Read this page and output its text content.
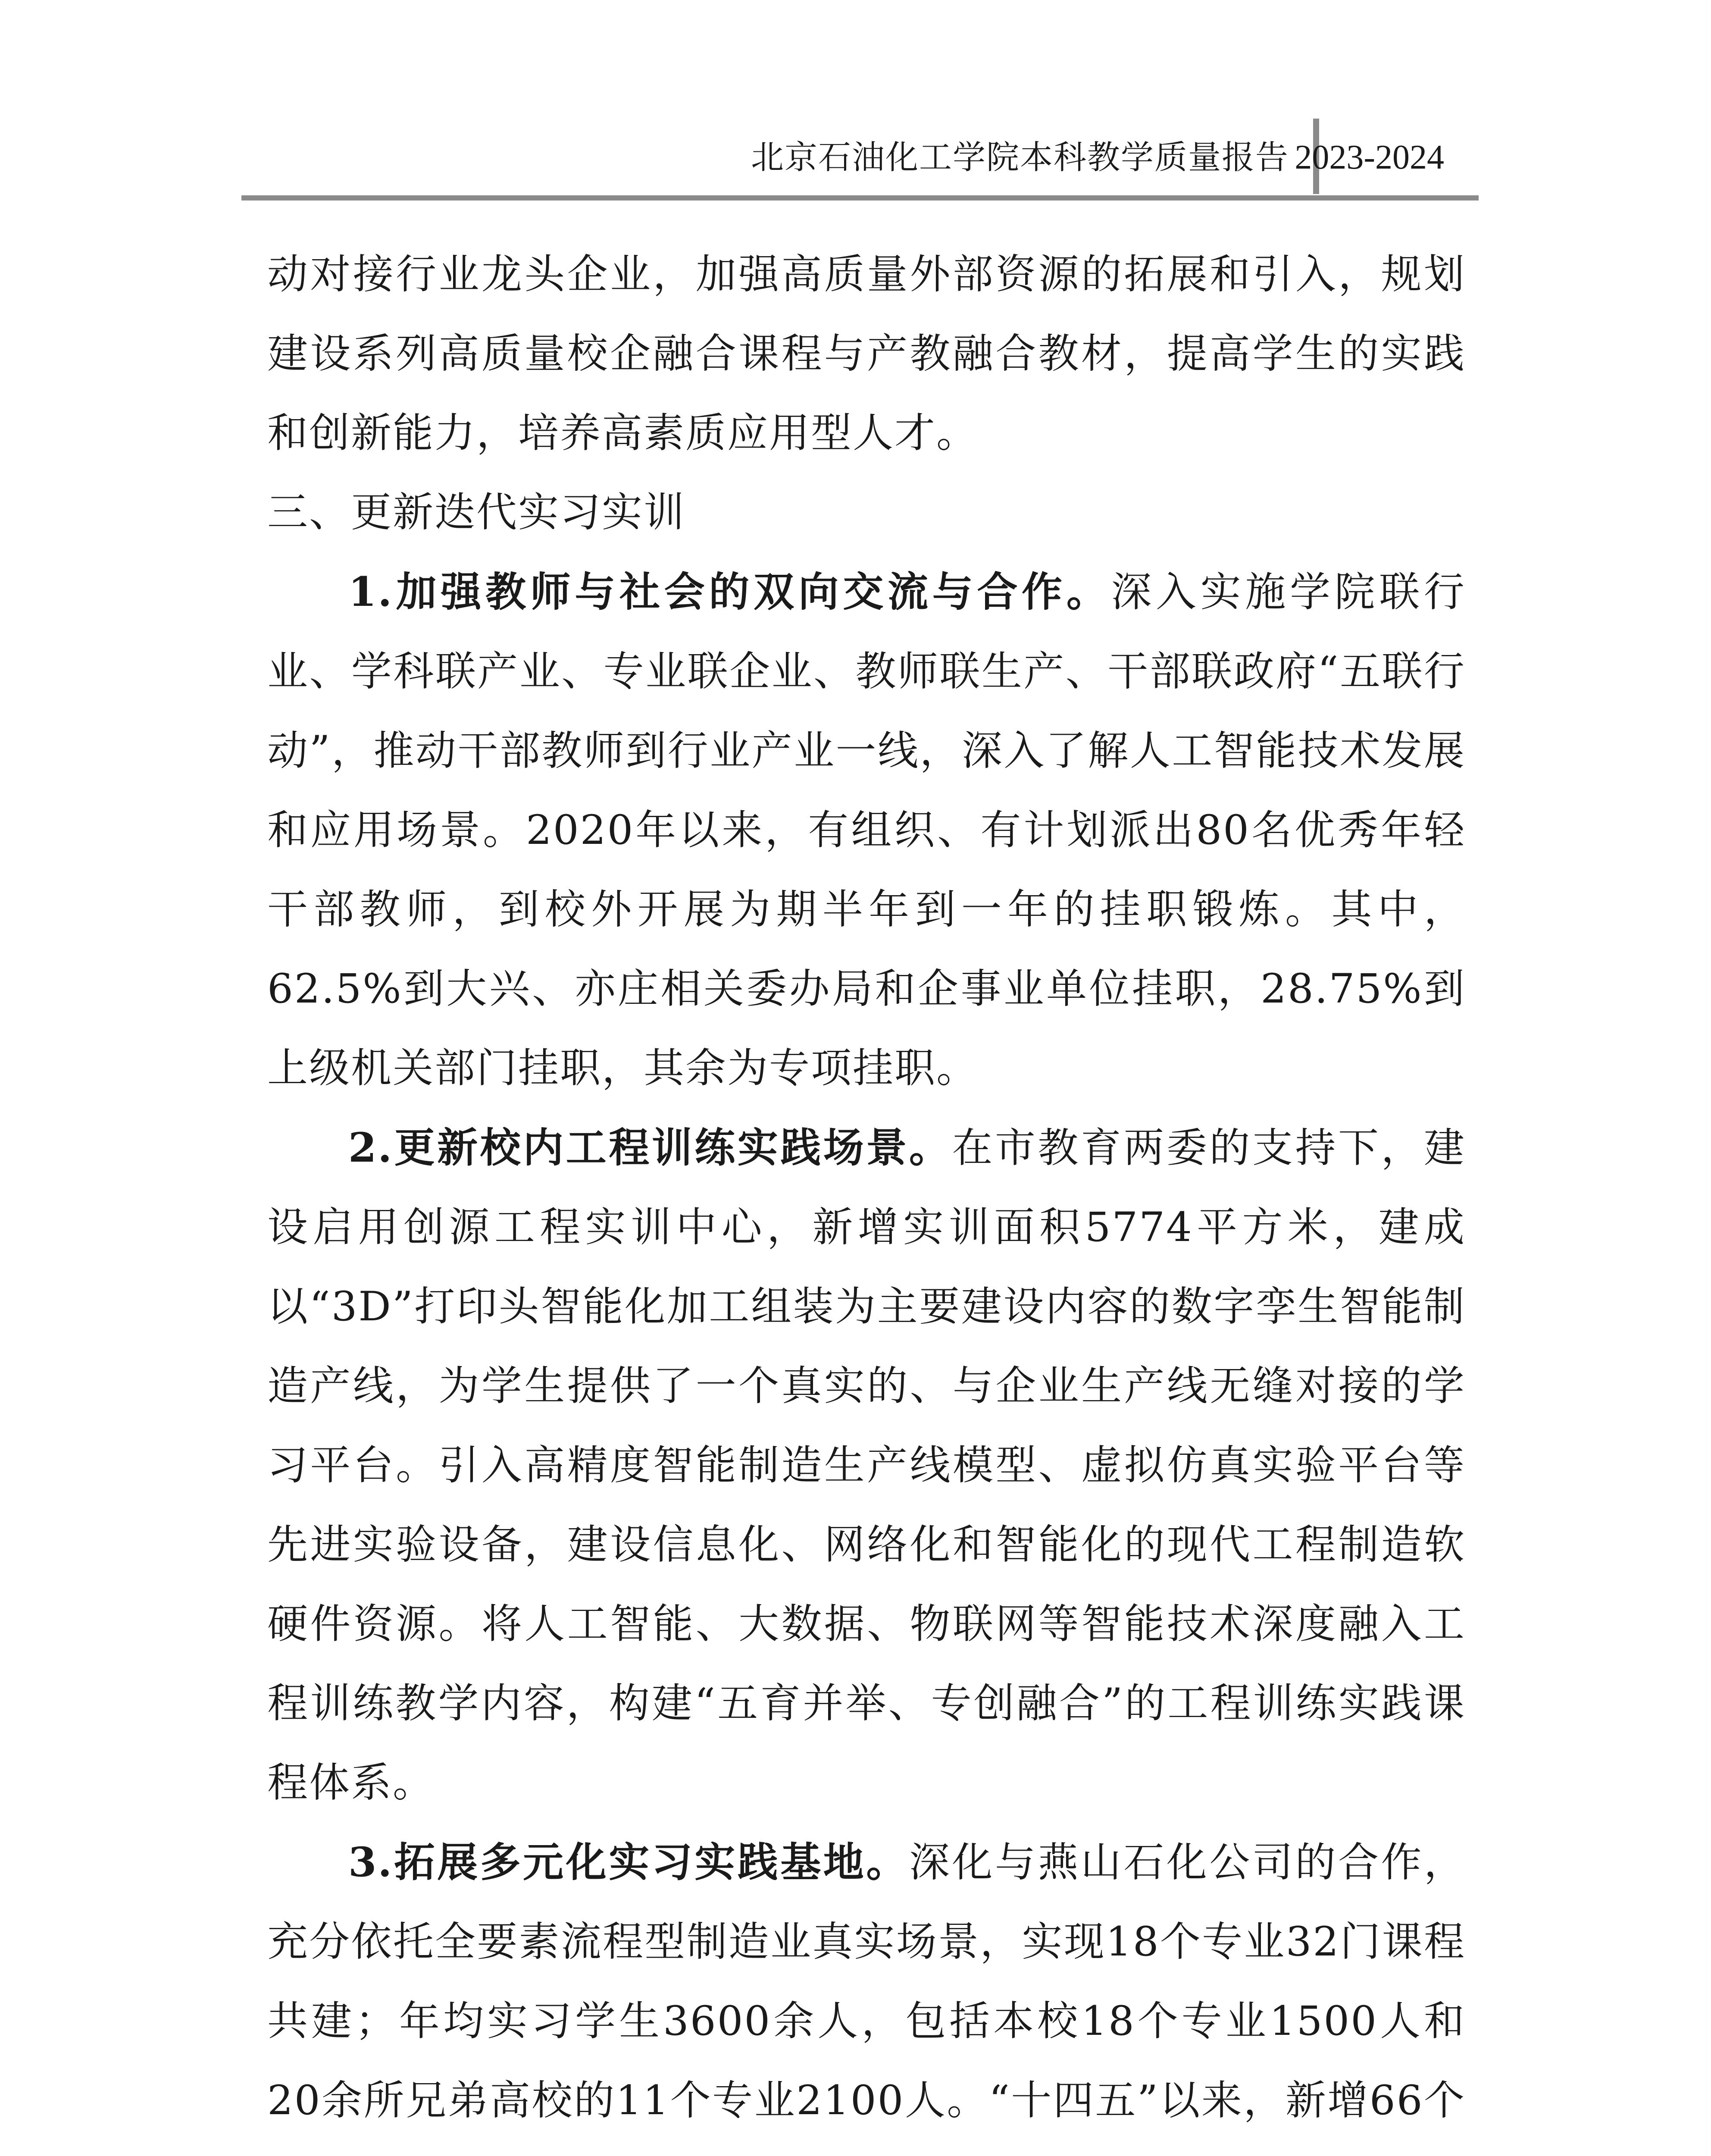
北京石油化工学院本科教学质量报告 2023-2024

动对接行业龙头企业，加强高质量外部资源的拓展和引入，规划建设系列高质量校企融合课程与产教融合教材，提高学生的实践和创新能力，培养高素质应用型人才。

三、更新迭代实习实训

1.加强教师与社会的双向交流与合作。深入实施学院联行业、学科联产业、专业联企业、教师联生产、干部联政府“五联行动”，推动干部教师到行业产业一线，深入了解人工智能技术发展和应用场景。2020年以来，有组织、有计划派出80名优秀年轻干部教师，到校外开展为期半年到一年的挂职锻炼。其中，62.5%到大兴、亦庄相关委办局和企事业单位挂职，28.75%到上级机关部门挂职，其余为专项挂职。

2.更新校内工程训练实践场景。在市教育两委的支持下，建设启用创源工程实训中心，新增实训面积5774平方米，建成以“3D”打印头智能化加工组装为主要建设内容的数字孪生智能制造产线，为学生提供了一个真实的、与企业生产线无缝对接的学习平台。引入高精度智能制造生产线模型、虚拟仿真实验平台等先进实验设备，建设信息化、网络化和智能化的现代工程制造软硬件资源。将人工智能、大数据、物联网等智能技术深度融入工程训练教学内容，构建“五育并举、专创融合”的工程训练实践课程体系。

3.拓展多元化实习实践基地。深化与燕山石化公司的合作，充分依托全要素流程型制造业真实场景，实现18个专业32门课程共建；年均实习学生3600余人，包括本校18个专业1500人和20余所兄弟高校的11个专业2100人。“十四五”以来，新增66个
